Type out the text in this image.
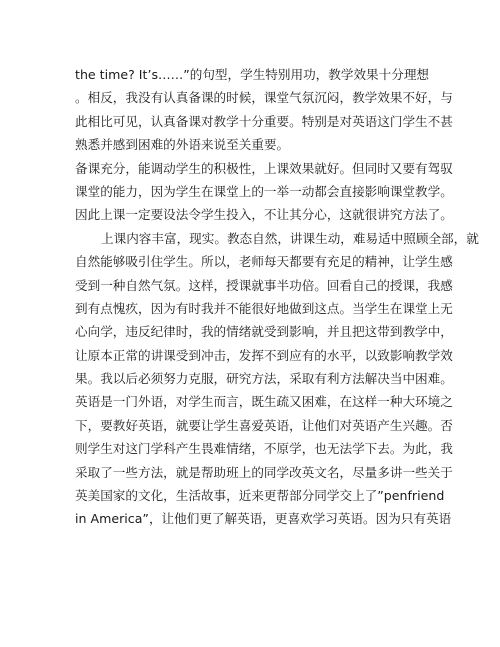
the time? It’s……”的句型，学生特别用功，教学效果十分理想
。相反，我没有认真备课的时候，课堂气氛沉闷，教学效果不好，与
此相比可见，认真备课对教学十分重要。特别是对英语这门学生不甚
熟悉并感到困难的外语来说至关重要。
备课充分，能调动学生的积极性，上课效果就好。但同时又要有驾驭
课堂的能力，因为学生在课堂上的一举一动都会直接影响课堂教学。
因此上课一定要设法令学生投入，不让其分心，这就很讲究方法了。
上课内容丰富，现实。教态自然，讲课生动，难易适中照顾全部，就
自然能够吸引住学生。所以，老师每天都要有充足的精神，让学生感
受到一种自然气氛。这样，授课就事半功倍。回看自己的授课，我感
到有点愧疚，因为有时我并不能很好地做到这点。当学生在课堂上无
心向学，违反纪律时，我的情绪就受到影响，并且把这带到教学中，
让原本正常的讲课受到冲击，发挥不到应有的水平，以致影响教学效
果。我以后必须努力克服，研究方法，采取有利方法解决当中困难。
英语是一门外语，对学生而言，既生疏又困难，在这样一种大环境之
下，要教好英语，就要让学生喜爱英语，让他们对英语产生兴趣。否
则学生对这门学科产生畏难情绪，不原学，也无法学下去。为此，我
采取了一些方法，就是帮助班上的同学改英文名，尽量多讲一些关于
英美国家的文化，生活故事，近来更帮部分同学交上了”penfriend
in America”，让他们更了解英语，更喜欢学习英语。因为只有英语
